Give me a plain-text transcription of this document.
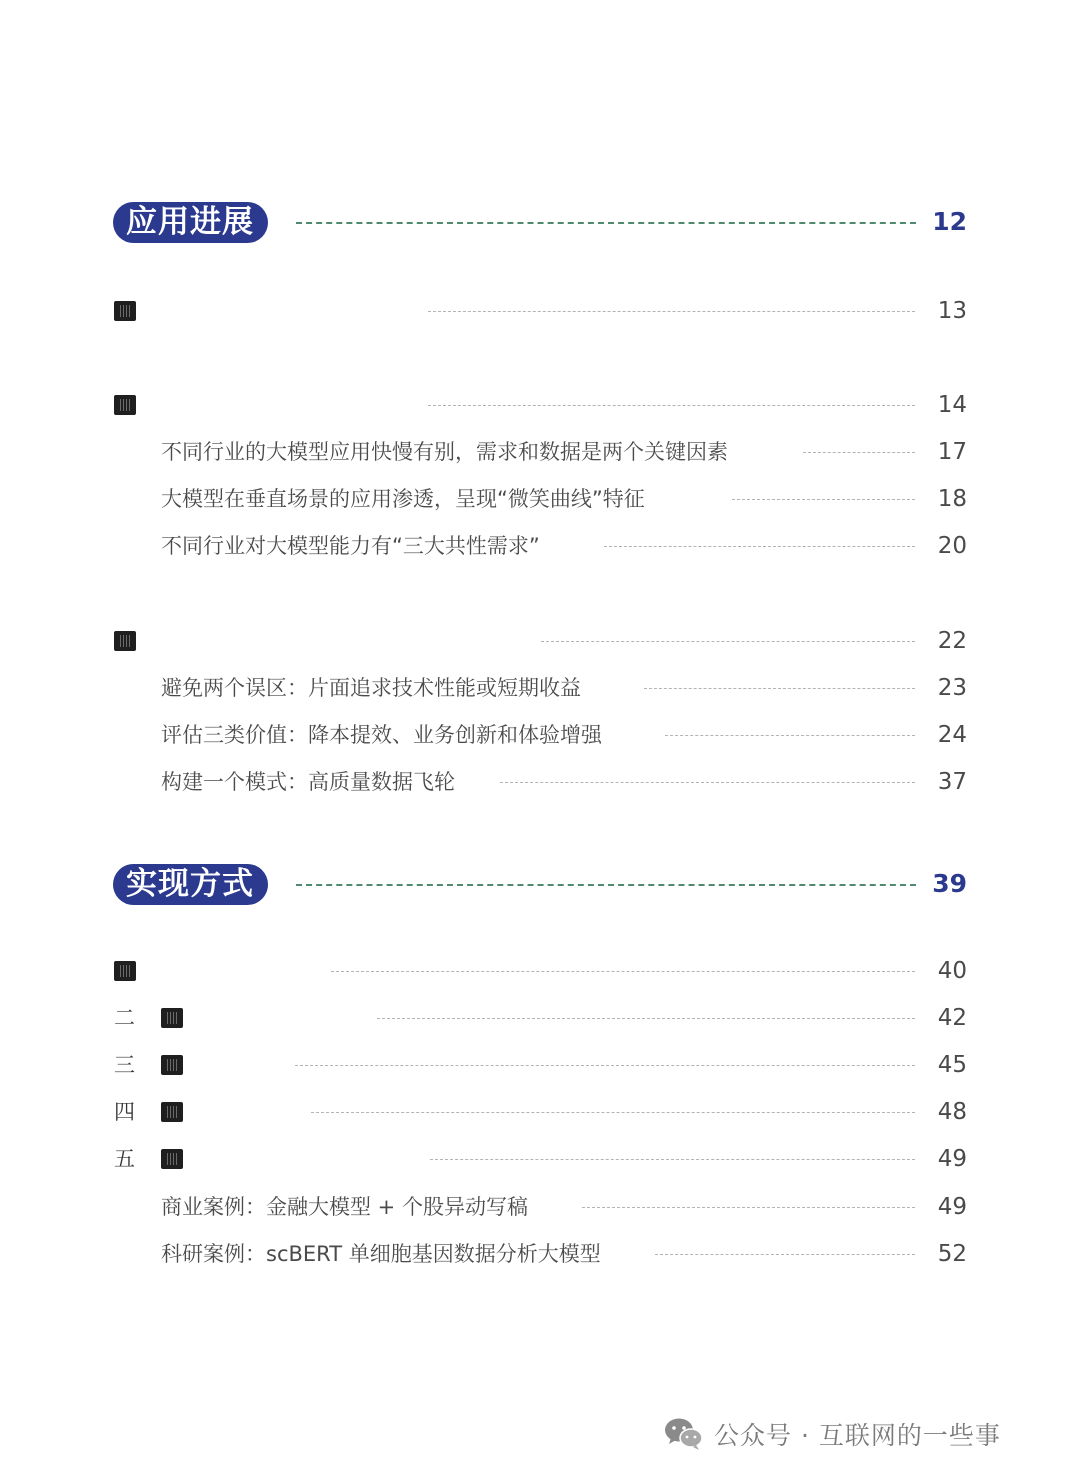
应用进展	12
13
14
不同行业的大模型应用快慢有别，需求和数据是两个关键因素	17
大模型在垂直场景的应用渗透，呈现“微笑曲线”特征	18
不同行业对大模型能力有“三大共性需求”	20
22
避免两个误区：片面追求技术性能或短期收益	23
评估三类价值：降本提效、业务创新和体验增强	24
构建一个模式：高质量数据飞轮	37
实现方式	39
40
二	42
三	45
四	48
五	49
商业案例：金融大模型 + 个股异动写稿	49
科研案例：scBERT 单细胞基因数据分析大模型	52
公众号 · 互联网的一些事
